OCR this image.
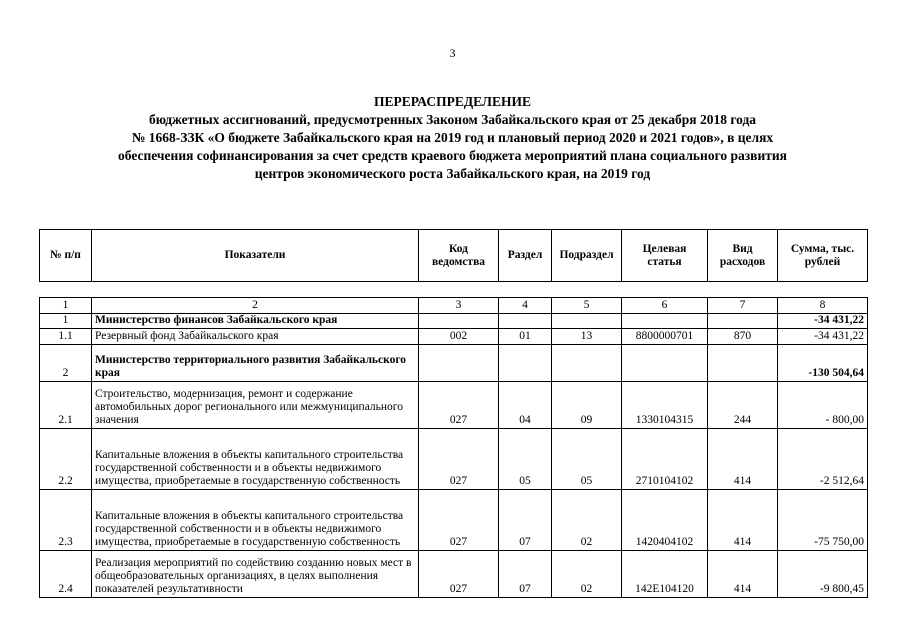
3
ПЕРЕРАСПРЕДЕЛЕНИЕ
бюджетных ассигнований, предусмотренных Законом Забайкальского края от 25 декабря 2018 года
№ 1668-ЗЗК «О бюджете Забайкальского края на 2019 год и плановый период 2020 и 2021 годов», в целях
обеспечения софинансирования за счет средств краевого бюджета мероприятий плана социального развития
центров экономического роста Забайкальского края, на 2019 год
№ п/п	Показатели	Код ведомства	Раздел	Подраздел	Целевая статья	Вид расходов	Сумма, тыс. рублей
1	2	3	4	5	6	7	8
1	Министерство финансов Забайкальского края						-34 431,22
1.1	Резервный фонд Забайкальского края	002	01	13	8800000701	870	-34 431,22
2	Министерство территориального развития Забайкальского края						-130 504,64
2.1	Строительство, модернизация, ремонт и содержание автомобильных дорог регионального или межмуниципального значения	027	04	09	1330104315	244	- 800,00
2.2	Капитальные вложения в объекты капитального строительства государственной собственности и в объекты недвижимого имущества, приобретаемые в государственную собственность	027	05	05	2710104102	414	-2 512,64
2.3	Капитальные вложения в объекты капитального строительства государственной собственности и в объекты недвижимого имущества, приобретаемые в государственную собственность	027	07	02	1420404102	414	-75 750,00
2.4	Реализация мероприятий по содействию созданию новых мест в общеобразовательных организациях, в целях выполнения показателей результативности	027	07	02	142E104120	414	-9 800,45
